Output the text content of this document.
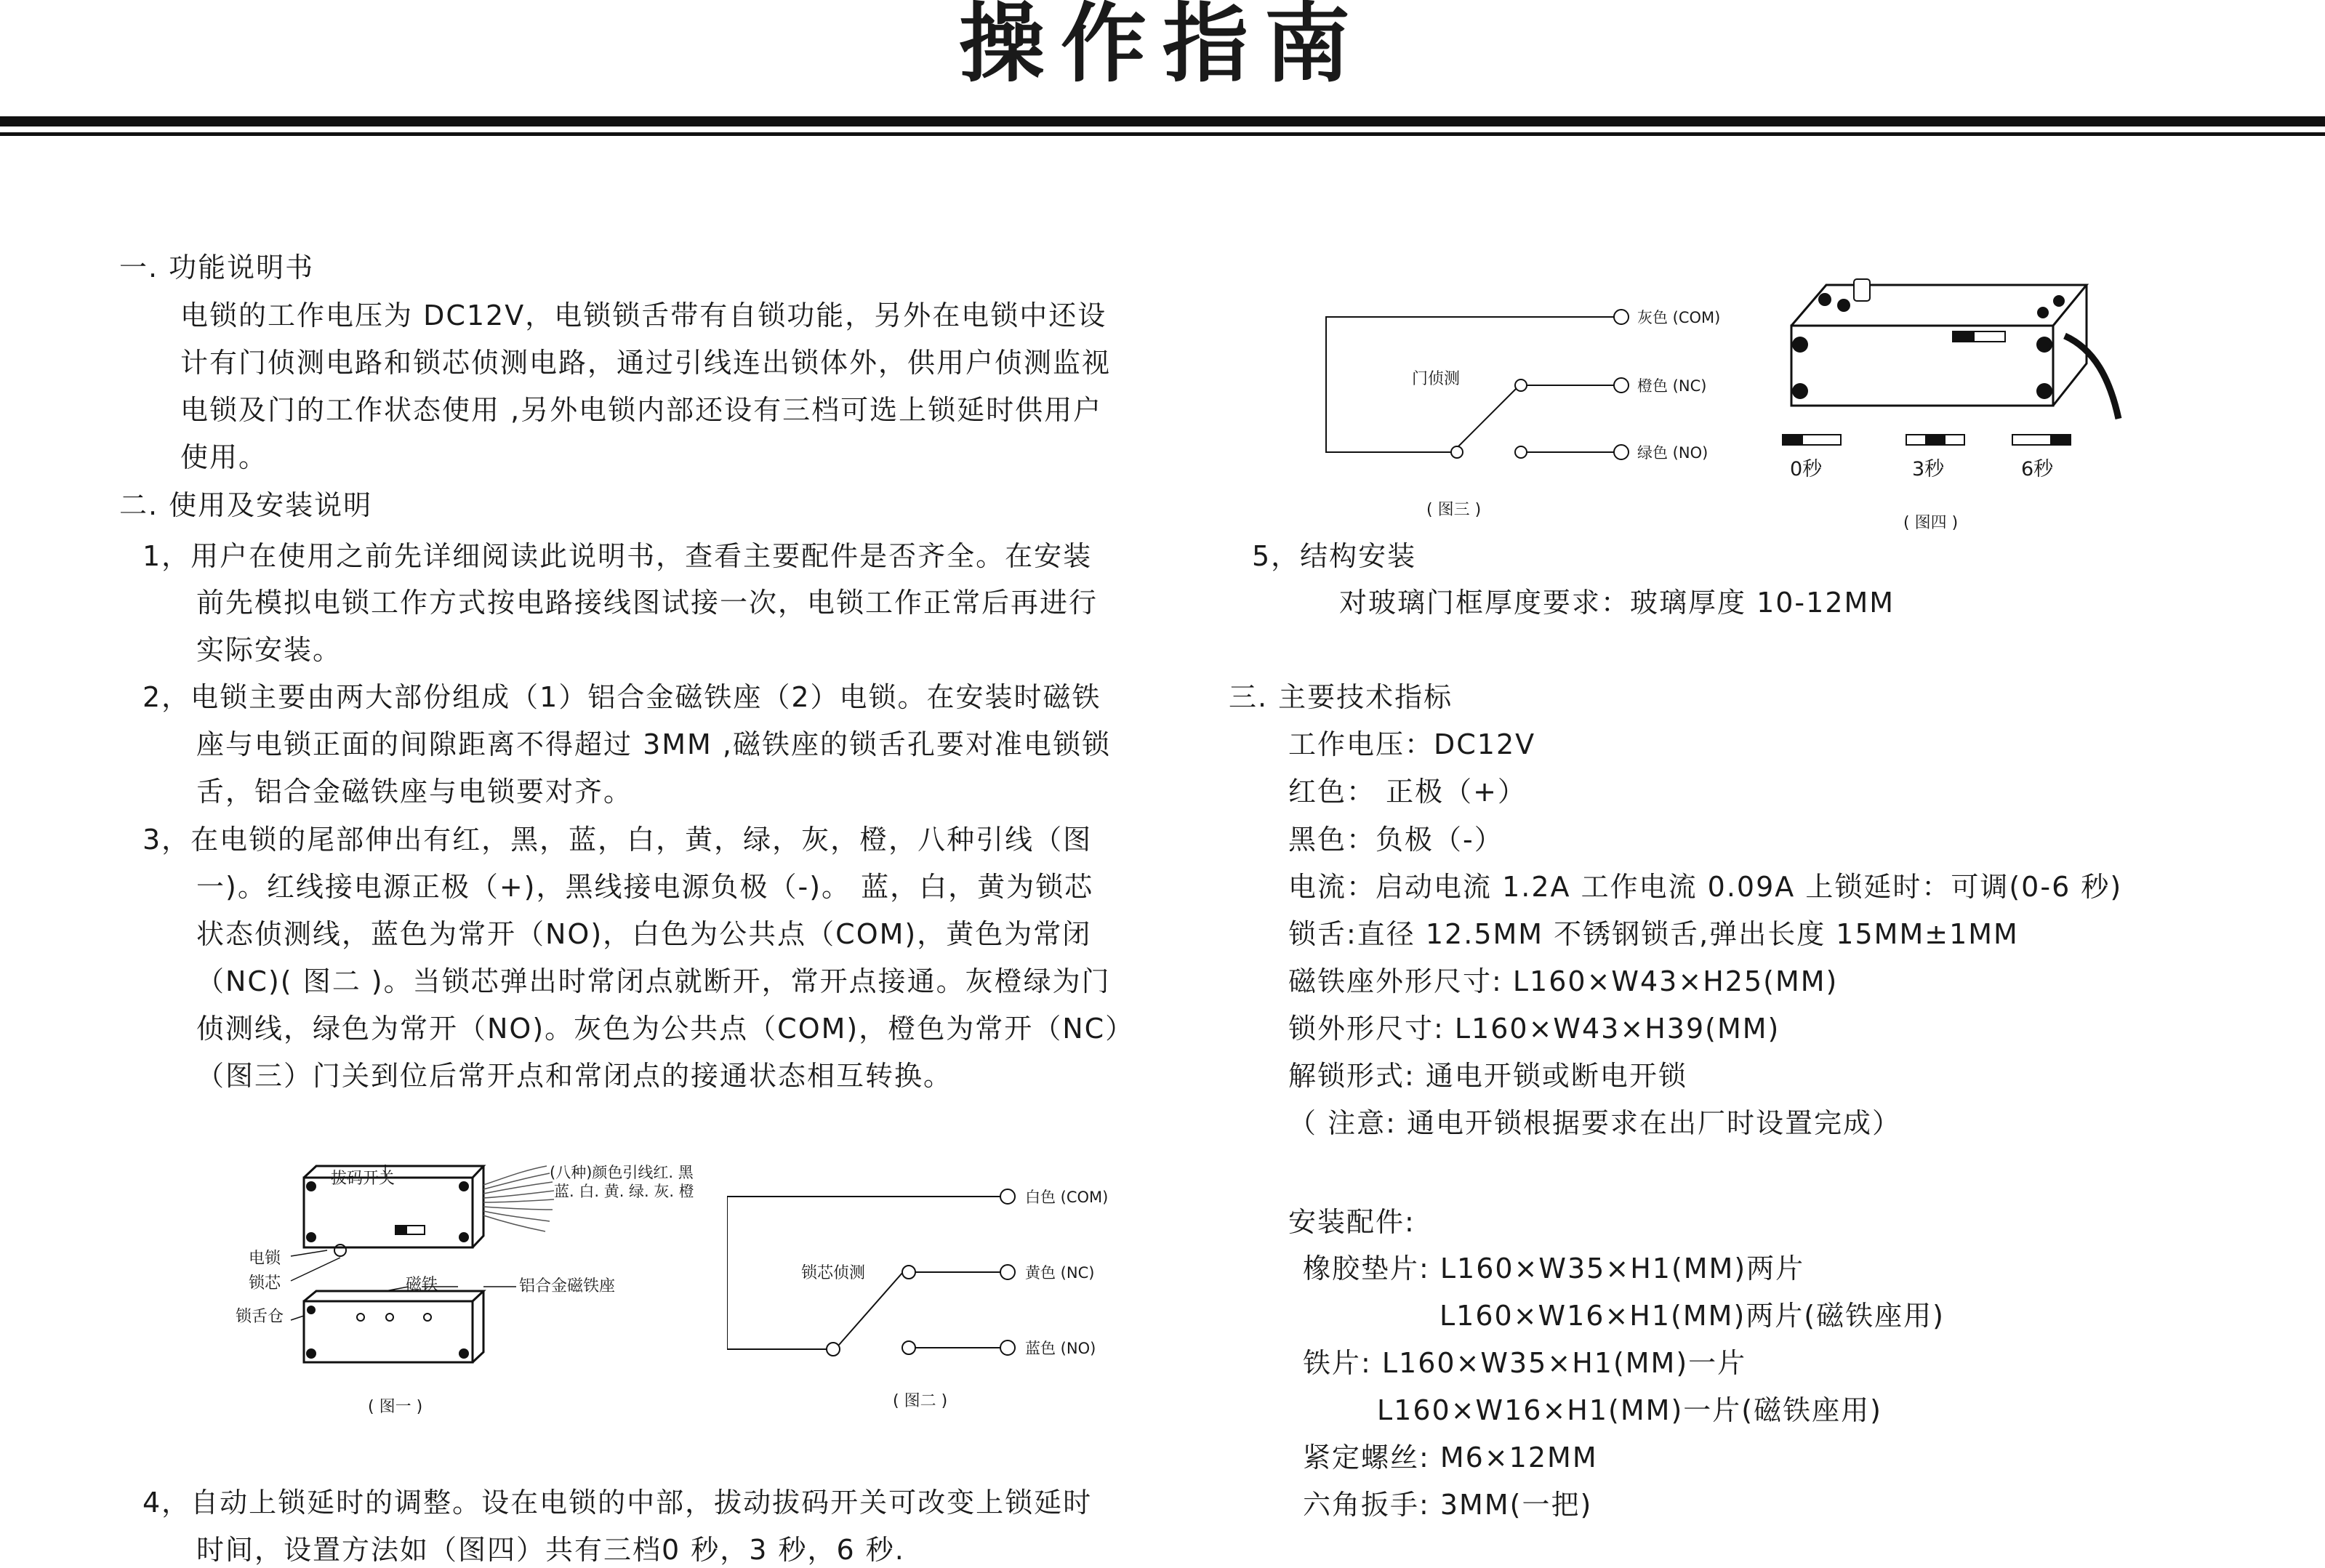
操作指南
一. 功能说明书
电锁的工作电压为 DC12V，电锁锁舌带有自锁功能，另外在电锁中还设
计有门侦测电路和锁芯侦测电路，通过引线连出锁体外，供用户侦测监视
电锁及门的工作状态使用 ,另外电锁内部还设有三档可选上锁延时供用户
使用。
二. 使用及安装说明
1，用户在使用之前先详细阅读此说明书，查看主要配件是否齐全。在安装
前先模拟电锁工作方式按电路接线图试接一次，电锁工作正常后再进行
实际安装。
2，电锁主要由两大部份组成（1）铝合金磁铁座（2）电锁。在安装时磁铁
座与电锁正面的间隙距离不得超过 3MM ,磁铁座的锁舌孔要对准电锁锁
舌，铝合金磁铁座与电锁要对齐。
3，在电锁的尾部伸出有红，黑，蓝，白，黄，绿，灰，橙，八种引线（图
一)。红线接电源正极（+)，黑线接电源负极（-)。 蓝，白，黄为锁芯
状态侦测线，蓝色为常开（NO)，白色为公共点（COM)，黄色为常闭
（NC)( 图二 )。当锁芯弹出时常闭点就断开，常开点接通。灰橙绿为门
侦测线，绿色为常开（NO)。灰色为公共点（COM)，橙色为常开（NC）
（图三）门关到位后常开点和常闭点的接通状态相互转换。
4，自动上锁延时的调整。设在电锁的中部，拔动拔码开关可改变上锁延时
时间，设置方法如（图四）共有三档0 秒，3 秒，6 秒.
拔码开关	(八种)颜色引线红. 黑
蓝. 白. 黄. 绿. 灰. 橙
电锁
锁芯	磁铁	铝合金磁铁座
锁舌仓
( 图一 )
锁芯侦测
白色 (COM)
黄色 (NC)
蓝色 (NO)
( 图二 )
门侦测
灰色 (COM)
橙色 (NC)
绿色 (NO)
( 图三 )
0秒	3秒	6秒
( 图四 )
5，结构安装
对玻璃门框厚度要求：玻璃厚度 10-12MM
三. 主要技术指标
工作电压：DC12V
红色： 正极（+）
黑色：负极（-）
电流：启动电流 1.2A 工作电流 0.09A 上锁延时：可调(0-6 秒)
锁舌:直径 12.5MM 不锈钢锁舌,弹出长度 15MM±1MM
磁铁座外形尺寸: L160×W43×H25(MM)
锁外形尺寸: L160×W43×H39(MM)
解锁形式: 通电开锁或断电开锁
（ 注意: 通电开锁根据要求在出厂时设置完成）
安装配件:
橡胶垫片: L160×W35×H1(MM)两片
L160×W16×H1(MM)两片(磁铁座用)
铁片: L160×W35×H1(MM)一片
L160×W16×H1(MM)一片(磁铁座用)
紧定螺丝: M6×12MM
六角扳手: 3MM(一把)
